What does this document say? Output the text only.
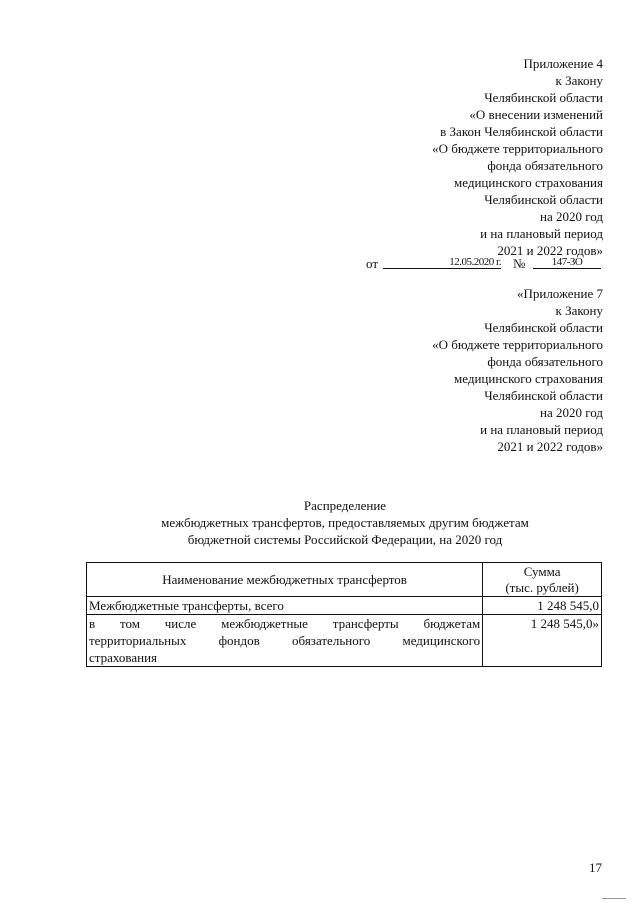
Приложение 4
к Закону
Челябинской области
«О внесении изменений
в Закон Челябинской области
«О бюджете территориального
фонда обязательного
медицинского страхования
Челябинской области
на 2020 год
и на плановый период
2021 и 2022 годов»
от	12.05.2020 г. №	147-ЗО
«Приложение 7
к Закону
Челябинской области
«О бюджете территориального
фонда обязательного
медицинского страхования
Челябинской области
на 2020 год
и на плановый период
2021 и 2022 годов»
Распределение
межбюджетных трансфертов, предоставляемых другим бюджетам
бюджетной системы Российской Федерации, на 2020 год
Наименование межбюджетных трансфертов	Сумма
(тыс. рублей)

Межбюджетные трансферты, всего	1 248 545,0

в том числе межбюджетные трансферты бюджетам
территориальных фондов обязательного медицинского
страхования	1 248 545,0»
17
